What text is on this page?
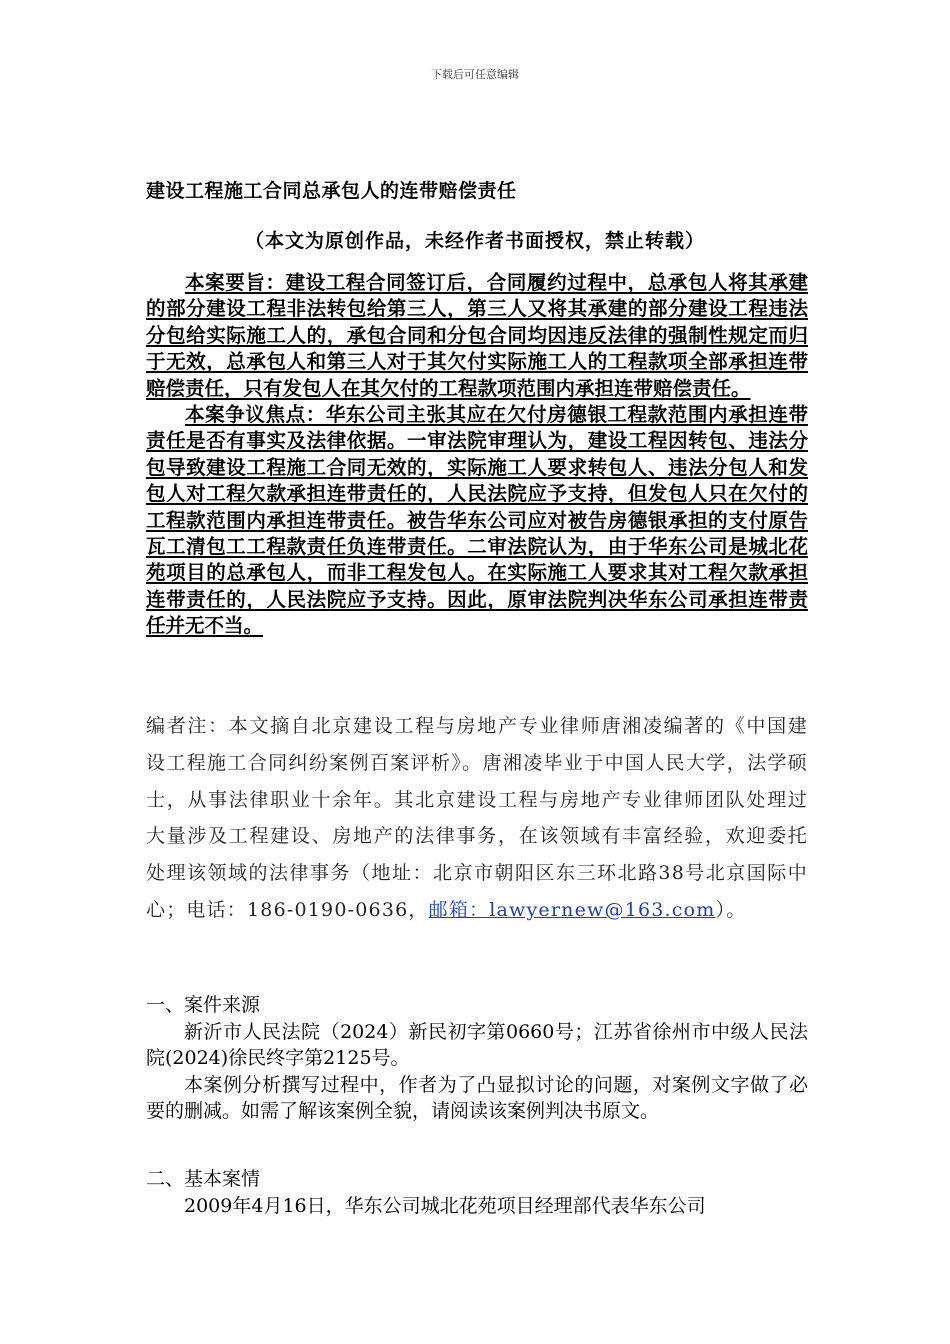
下载后可任意编辑
建设工程施工合同总承包人的连带赔偿责任
（本文为原创作品，未经作者书面授权，禁止转载）

本案要旨：建设工程合同签订后，合同履约过程中，总承包人将其承建的部分建设工程非法转包给第三人，第三人又将其承建的部分建设工程违法分包给实际施工人的，承包合同和分包合同均因违反法律的强制性规定而归于无效，总承包人和第三人对于其欠付实际施工人的工程款项全部承担连带赔偿责任，只有发包人在其欠付的工程款项范围内承担连带赔偿责任。

本案争议焦点：华东公司主张其应在欠付房德银工程款范围内承担连带责任是否有事实及法律依据。一审法院审理认为，建设工程因转包、违法分包导致建设工程施工合同无效的，实际施工人要求转包人、违法分包人和发包人对工程欠款承担连带责任的，人民法院应予支持，但发包人只在欠付的工程款范围内承担连带责任。被告华东公司应对被告房德银承担的支付原告瓦工清包工工程款责任负连带责任。二审法院认为，由于华东公司是城北花苑项目的总承包人，而非工程发包人。在实际施工人要求其对工程欠款承担连带责任的，人民法院应予支持。因此，原审法院判决华东公司承担连带责任并无不当。

编者注：本文摘自北京建设工程与房地产专业律师唐湘凌编著的《中国建设工程施工合同纠纷案例百案评析》。唐湘凌毕业于中国人民大学，法学硕士，从事法律职业十余年。其北京建设工程与房地产专业律师团队处理过大量涉及工程建设、房地产的法律事务，在该领域有丰富经验，欢迎委托处理该领域的法律事务（地址：北京市朝阳区东三环北路38号北京国际中心；电话：186-0190-0636，邮箱：lawyernew@163.com）。
一、案件来源

新沂市人民法院（2024）新民初字第0660号；江苏省徐州市中级人民法院(2024)徐民终字第2125号。

本案例分析撰写过程中，作者为了凸显拟讨论的问题，对案例文字做了必要的删减。如需了解该案例全貌，请阅读该案例判决书原文。

二、基本案情

2009年4月16日，华东公司城北花苑项目经理部代表华东公司
